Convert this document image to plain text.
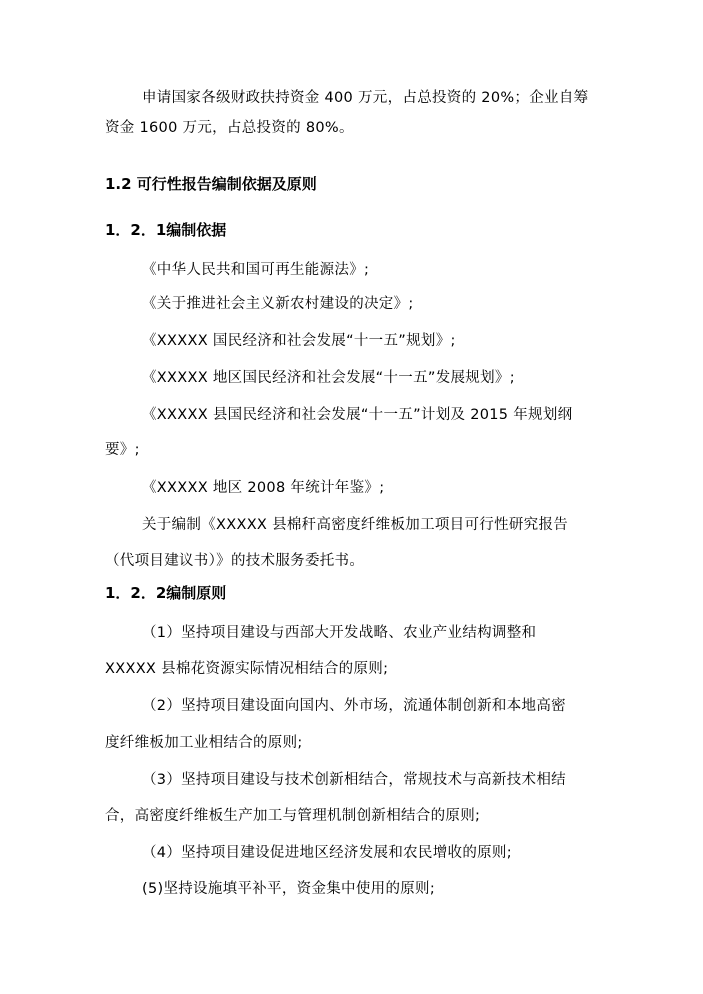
申请国家各级财政扶持资金 400 万元，占总投资的 20%；企业自筹
资金 1600 万元，占总投资的 80%。
1.2 可行性报告编制依据及原则
1．2．1编制依据
《中华人民共和国可再生能源法》;
《关于推进社会主义新农村建设的决定》;
《XXXXX 国民经济和社会发展“十一五”规划》;
《XXXXX 地区国民经济和社会发展“十一五”发展规划》;
《XXXXX 县国民经济和社会发展“十一五”计划及 2015 年规划纲
要》;
《XXXXX 地区 2008 年统计年鉴》;
关于编制《XXXXX 县棉秆高密度纤维板加工项目可行性研究报告
（代项目建议书）》的技术服务委托书。
1．2．2编制原则
（1）坚持项目建设与西部大开发战略、农业产业结构调整和
XXXXX 县棉花资源实际情况相结合的原则;
（2）坚持项目建设面向国内、外市场，流通体制创新和本地高密
度纤维板加工业相结合的原则;
（3）坚持项目建设与技术创新相结合，常规技术与高新技术相结
合，高密度纤维板生产加工与管理机制创新相结合的原则;
（4）坚持项目建设促进地区经济发展和农民增收的原则;
(5)坚持设施填平补平，资金集中使用的原则;
